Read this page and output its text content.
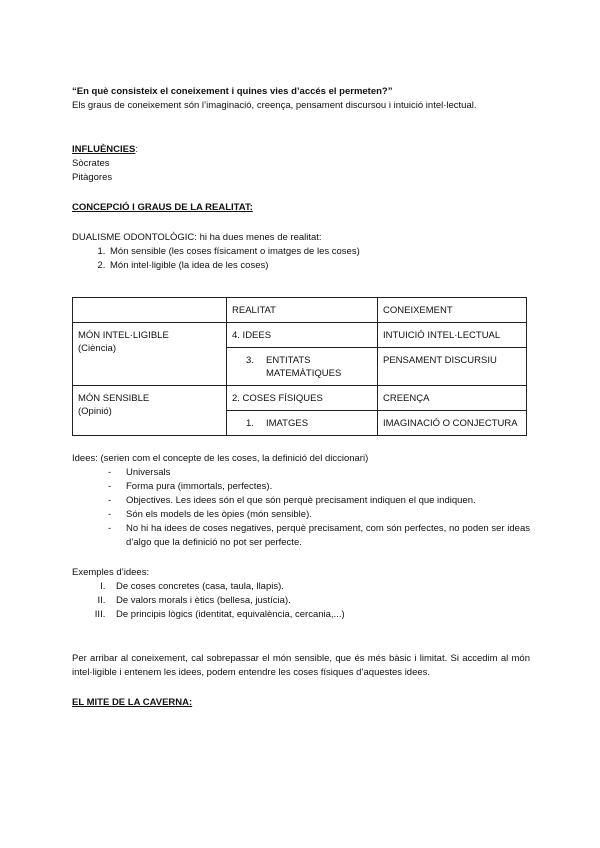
“En què consisteix el coneixement i quines vies d’accés el permeten?”

Els graus de coneixement són l’imaginació, creença, pensament discursou i intuició intel·lectual.

INFLUÈNCIES:

Sòcrates

Pitàgores

CONCEPCIÓ I GRAUS DE LA REALITAT:

DUALISME ODONTOLÒGIC: hi ha dues menes de realitat:

1. Món sensible (les coses físicament o imatges de les coses)
2. Món intel·ligible (la idea de les coses)
	REALITAT	CONEIXEMENT

MÓN INTEL·LIGIBLE
(Ciència)	4. IDEES	INTUICIÓ INTEL·LECTUAL

	3. ENTITATS MATEMÀTIQUES	PENSAMENT DISCURSIU

MÓN SENSIBLE
(Opinió)	2. COSES FÍSIQUES	CREENÇA

	1. IMATGES	IMAGINACIÓ O CONJECTURA

Idees: (serien com el concepte de les coses, la definició del diccionari)

- Universals
- Forma pura (immortals, perfectes).
- Objectives. Les idees són el que són perquè precisament indiquen el que indiquen.
- Són els models de les òpies (món sensible).
- No hi ha idees de coses negatives, perquè precisament, com són perfectes, no poden ser ideas d’algo que la definició no pot ser perfecte.

Exemples d’idees:

I. De coses concretes (casa, taula, llapis).
II. De valors morals i ètics (bellesa, justícia).
III. De principis lògics (identitat, equivalència, cercania,...)

Per arribar al coneixement, cal sobrepassar el món sensible, que és més bàsic i limitat. Si accedim al món intel·ligible i entenem les idees, podem entendre les coses físiques d’aquestes idees.

EL MITE DE LA CAVERNA:
